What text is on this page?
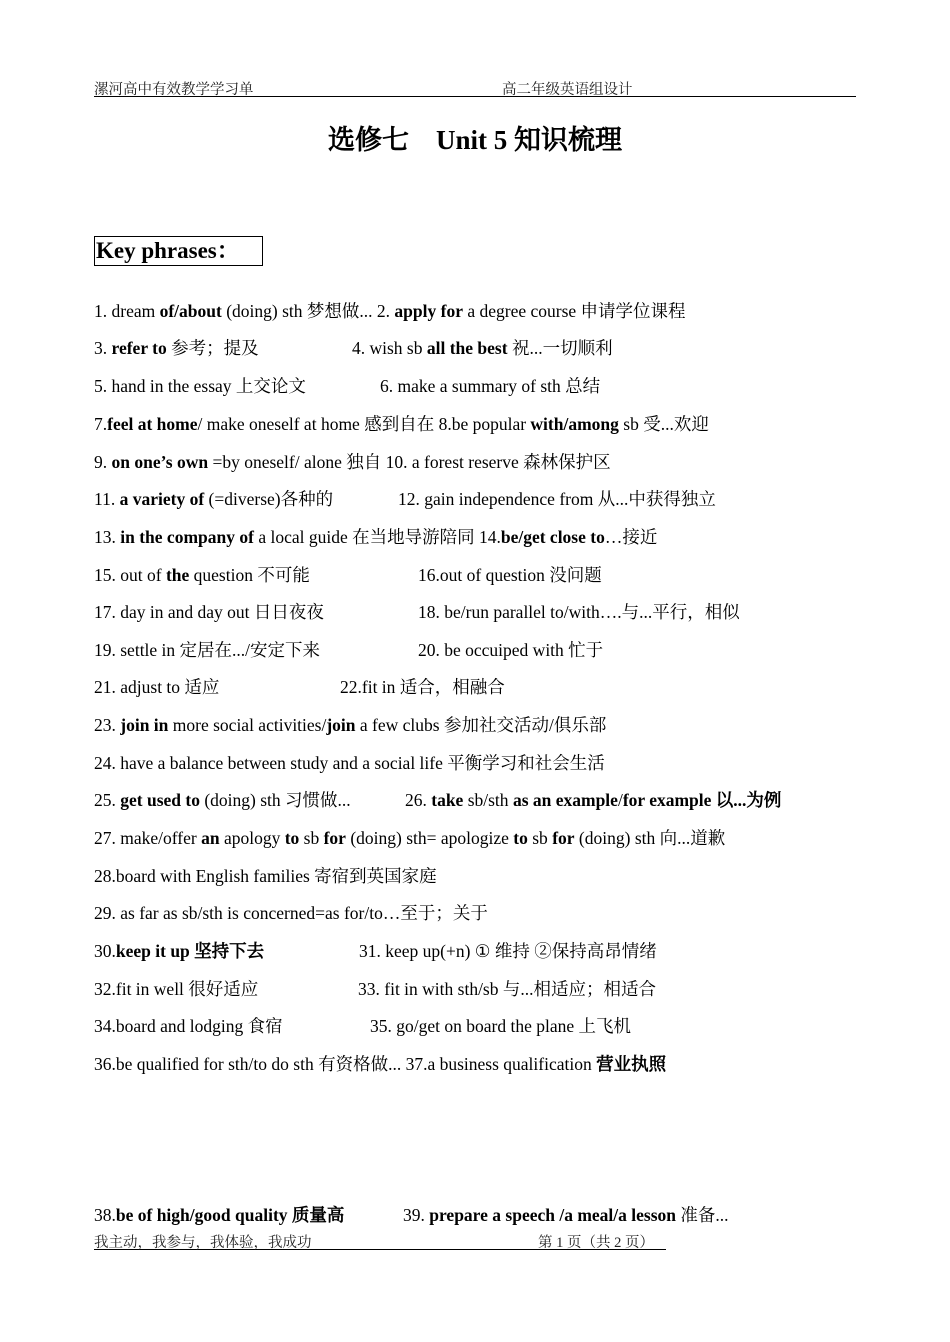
漯河高中有效教学学习单	高二年级英语组设计
选修七　Unit 5 知识梳理
Key phrases：
1. dream of/about (doing) sth 梦想做... 2. apply for a degree course 申请学位课程
3. refer to 参考；提及	4. wish sb all the best 祝...一切顺利
5. hand in the essay 上交论文	6. make a summary of sth 总结
7.feel at home/ make oneself at home 感到自在 8.be popular with/among sb 受...欢迎
9. on one’s own =by oneself/ alone 独自 10. a forest reserve 森林保护区
11. a variety of (=diverse)各种的	12. gain independence from 从...中获得独立
13. in the company of a local guide 在当地导游陪同 14.be/get close to…接近
15. out of the question 不可能	16.out of question 没问题
17. day in and day out 日日夜夜	18. be/run parallel to/with….与...平行，相似
19. settle in 定居在.../安定下来	20. be occuiped with 忙于
21. adjust to 适应	22.fit in 适合，相融合
23. join in more social activities/join a few clubs 参加社交活动/俱乐部
24. have a balance between study and a social life 平衡学习和社会生活
25. get used to (doing) sth 习惯做...	26. take sb/sth as an example/for example 以...为例
27. make/offer an apology to sb for (doing) sth= apologize to sb for (doing) sth 向...道歉
28.board with English families 寄宿到英国家庭
29. as far as sb/sth is concerned=as for/to…至于；关于
30.keep it up 坚持下去	31. keep up(+n) ① 维持 ②保持高昂情绪
32.fit in well 很好适应	33. fit in with sth/sb 与...相适应；相适合
34.board and lodging 食宿	35. go/get on board the plane 上飞机
36.be qualified for sth/to do sth 有资格做... 37.a business qualification 营业执照
38.be of high/good quality 质量高	39. prepare a speech /a meal/a lesson 准备...
我主动，我参与，我体验，我成功	第 1 页（共 2 页）
